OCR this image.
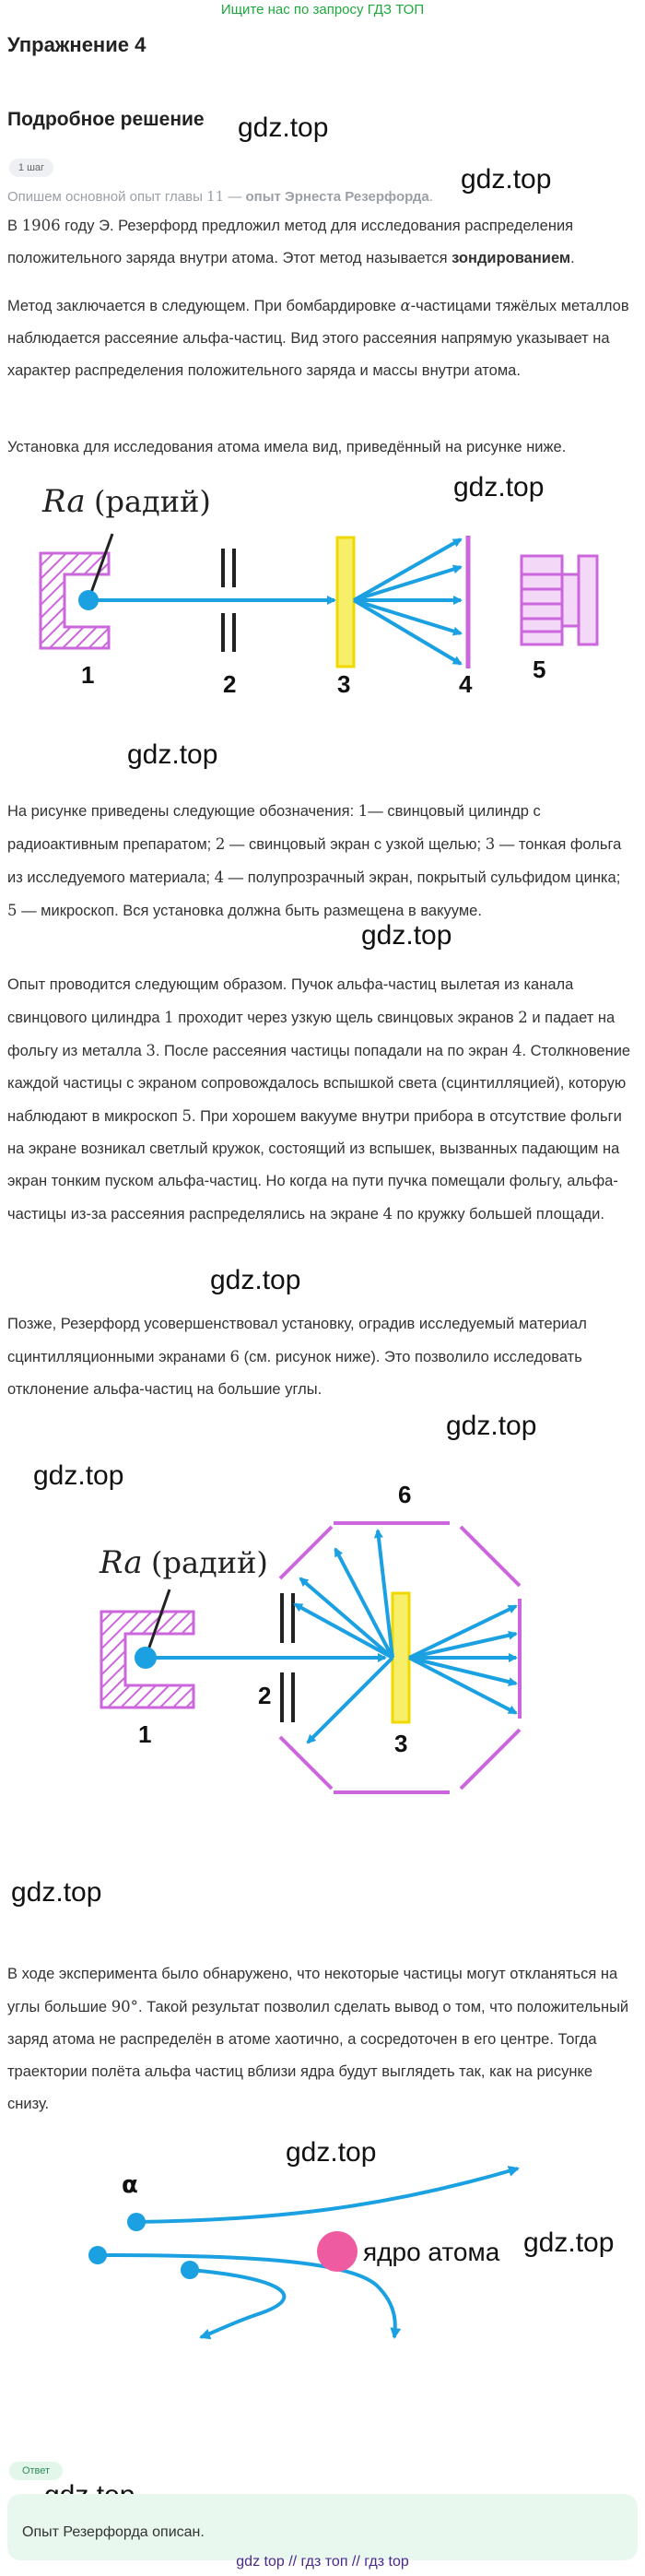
Ищите нас по запросу ГДЗ ТОП
Упражнение 4
Подробное решение gdz.top
gdz.top
gdz.top
gdz.top
gdz.top
gdz.top
gdz.top
gdz.top
gdz.top
gdz.top
gdz.top
1 шаг
Опишем основной опыт главы 11 — опыт Эрнеста Резерфорда.
В 1906 году Э. Резерфорд предложил метод для исследования распределения положительного заряда внутри атома. Этот метод называется зондированием.
Метод заключается в следующем. При бомбардировке α-частицами тяжёлых металлов наблюдается рассеяние альфа-частиц. Вид этого рассеяния напрямую указывает на характер распределения положительного заряда и массы внутри атома.
Установка для исследования атома имела вид, приведённый на рисунке ниже.
Ra (радий)
1	2	3	4
5
На рисунке приведены следующие обозначения: 1— свинцовый цилиндр с радиоактивным препаратом; 2 — свинцовый экран с узкой щелью; 3 — тонкая фольга из исследуемого материала; 4 — полупрозрачный экран, покрытый сульфидом цинка; 5 — микроскоп. Вся установка должна быть размещена в вакууме.
Опыт проводится следующим образом. Пучок альфа-частиц вылетая из канала свинцового цилиндра 1 проходит через узкую щель свинцовых экранов 2 и падает на фольгу из металла 3. После рассеяния частицы попадали на по экран 4. Столкновение каждой частицы с экраном сопровождалось вспышкой света (сцинтилляцией), которую наблюдают в микроскоп 5. При хорошем вакууме внутри прибора в отсутствие фольги на экране возникал светлый кружок, состоящий из вспышек, вызванных падающим на экран тонким пуском альфа-частиц. Но когда на пути пучка помещали фольгу, альфа-частицы из-за рассеяния распределялись на экране 4 по кружку большей площади.
Позже, Резерфорд усовершенствовал установку, оградив исследуемый материал сцинтилляционными экранами 6 (см. рисунок ниже). Это позволило исследовать отклонение альфа-частиц на большие углы.
6
Ra (радий)
1
2
3
В ходе эксперимента было обнаружено, что некоторые частицы могут откланяться на углы большие 90°. Такой результат позволил сделать вывод о том, что положительный заряд атома не распределён в атоме хаотично, а сосредоточен в его центре. Тогда траектории полёта альфа частиц вблизи ядра будут выглядеть так, как на рисунке снизу.
α
ядро атома
Ответ
Опыт Резерфорда описан.
gdz top // гдз топ // гдз top
